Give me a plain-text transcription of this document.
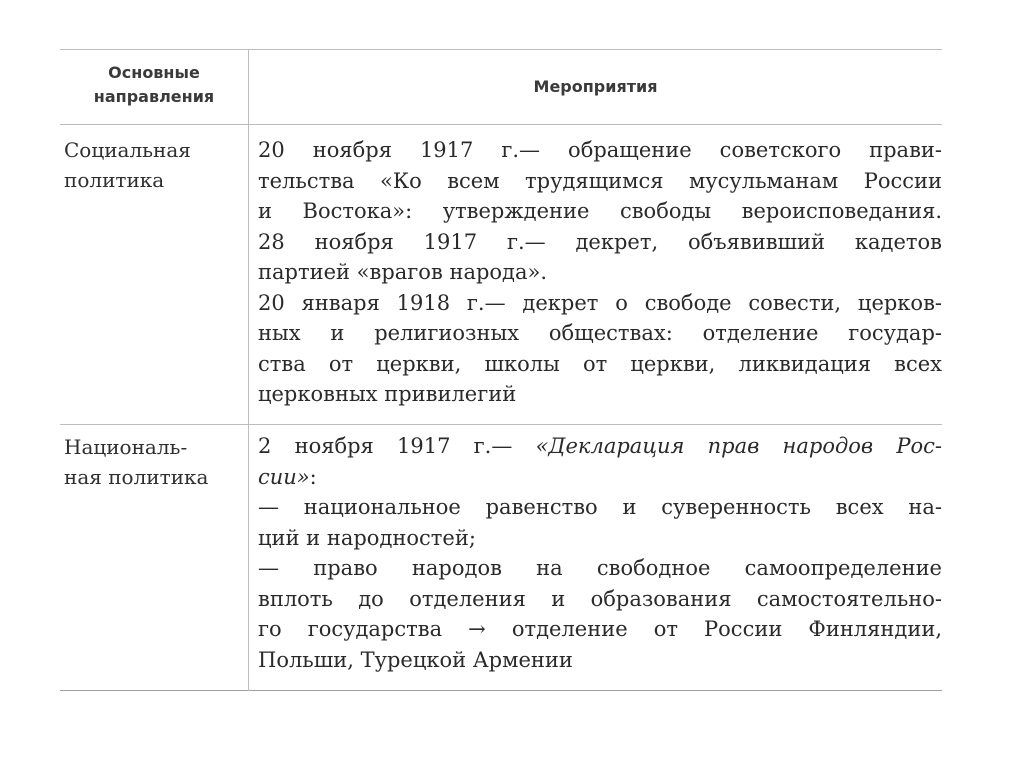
Основные
направления
Мероприятия
Социальная
политика
20 ноября 1917 г.— обращение советского прави-
тельства «Ко всем трудящимся мусульманам России
и Востока»: утверждение свободы вероисповедания.
28 ноября 1917 г.— декрет, объявивший кадетов
партией «врагов народа».
20 января 1918 г.— декрет о свободе совести, церков-
ных и религиозных обществах: отделение государ-
ства от церкви, школы от церкви, ликвидация всех
церковных привилегий
Националь-
ная политика
2 ноября 1917 г.— «Декларация прав народов Рос-
сии»:
— национальное равенство и суверенность всех на-
ций и народностей;
— право народов на свободное самоопределение
вплоть до отделения и образования самостоятельно-
го государства → отделение от России Финляндии,
Польши, Турецкой Армении
